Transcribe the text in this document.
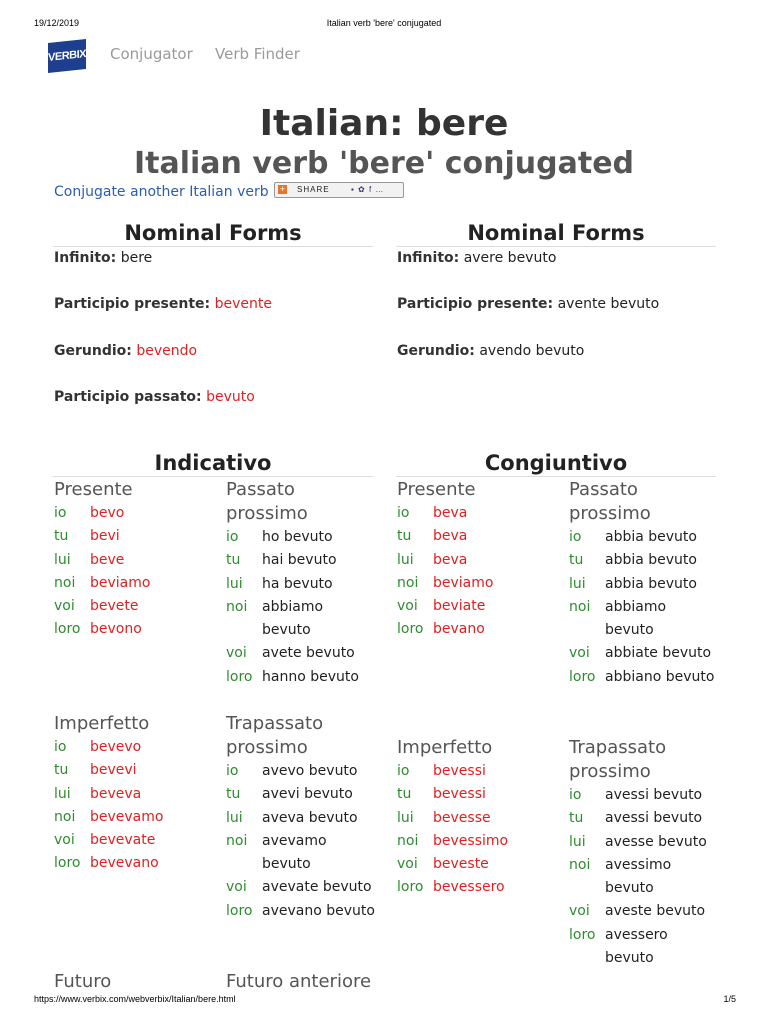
19/12/2019	Italian verb 'bere' conjugated
VERBIX Conjugator Verb Finder
Italian: bere
Italian verb 'bere' conjugated
Conjugate another Italian verb + SHARE	▪ ✿ f …
Nominal Forms
Infinito: bere
Participio presente: bevente
Gerundio: bevendo
Participio passato: bevuto
Nominal Forms
Infinito: avere bevuto
Participio presente: avente bevuto
Gerundio: avendo bevuto
Indicativo
Presente
io	bevo
tu	bevi
lui	beve
noi	beviamo
voi	bevete
loro bevono
Passato prossimo
io	ho bevuto
tu	hai bevuto
lui	ha bevuto
noi	abbiamo bevuto
voi	avete bevuto
loro hanno bevuto
Imperfetto
io	bevevo
tu	bevevi
lui	beveva
noi	bevevamo
voi	bevevate
loro bevevano
Trapassato prossimo
io	avevo bevuto
tu	avevi bevuto
lui	aveva bevuto
noi	avevamo bevuto
voi	avevate bevuto
loro avevano bevuto
Futuro	Futuro anteriore
Congiuntivo
Presente
io	beva
tu	beva
lui	beva
noi	beviamo
voi	beviate
loro bevano
Passato prossimo
io	abbia bevuto
tu	abbia bevuto
lui	abbia bevuto
noi	abbiamo bevuto
voi	abbiate bevuto
loro abbiano bevuto
Imperfetto
io	bevessi
tu	bevessi
lui	bevesse
noi	bevessimo
voi	beveste
loro bevessero
Trapassato prossimo
io	avessi bevuto
tu	avessi bevuto
lui	avesse bevuto
noi	avessimo bevuto
voi	aveste bevuto
loro avessero bevuto
https://www.verbix.com/webverbix/Italian/bere.html	1/5
